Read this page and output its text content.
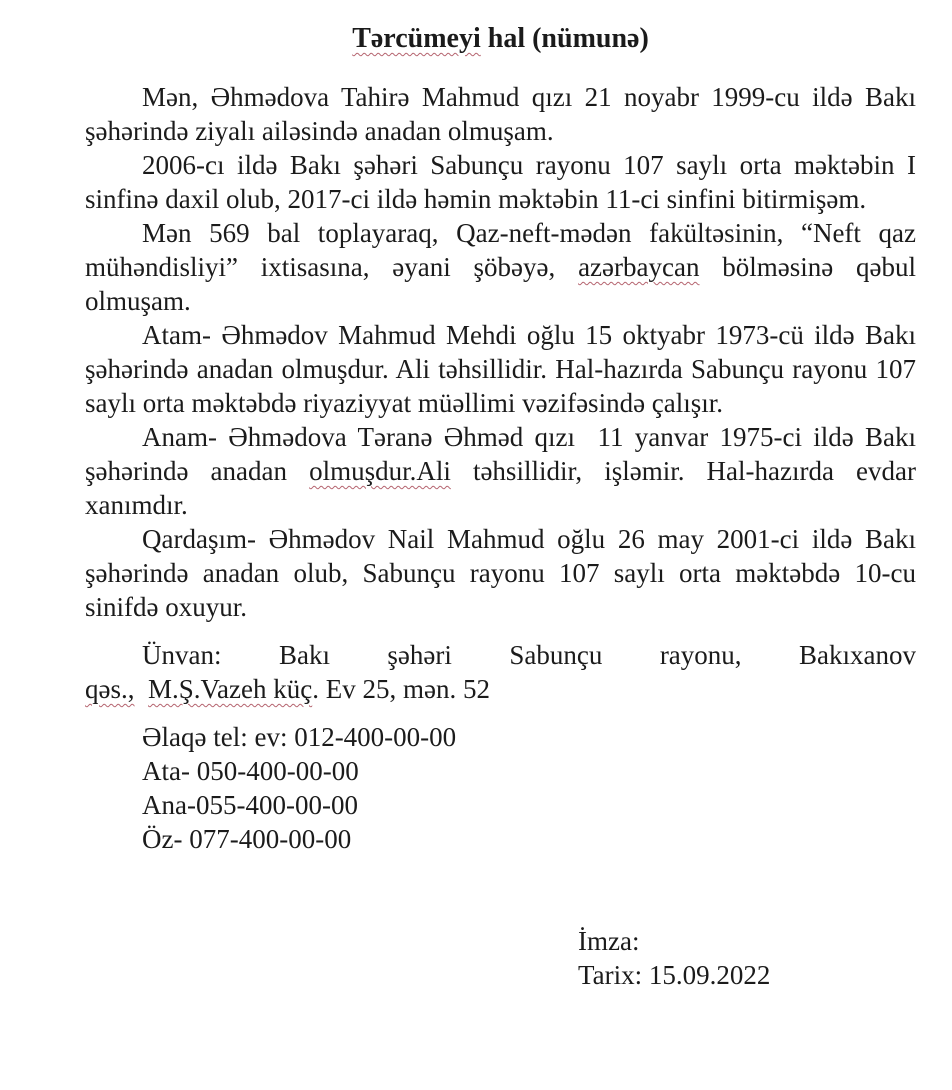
Tərcümeyi hal (nümunə)

Mən, Əhmədova Tahirə Mahmud qızı 21 noyabr 1999-cu ildə Bakı şəhərində ziyalı ailəsində anadan olmuşam.

2006-cı ildə Bakı şəhəri Sabunçu rayonu 107 saylı orta məktəbin I sinfinə daxil olub, 2017-ci ildə həmin məktəbin 11-ci sinfini bitirmişəm.

Mən 569 bal toplayaraq, Qaz-neft-mədən fakültəsinin, “Neft qaz mühəndisliyi” ixtisasına, əyani şöbəyə, azərbaycan bölməsinə qəbul olmuşam.

Atam- Əhmədov Mahmud Mehdi oğlu 15 oktyabr 1973-cü ildə Bakı şəhərində anadan olmuşdur. Ali təhsillidir. Hal-hazırda Sabunçu rayonu 107 saylı orta məktəbdə riyaziyyat müəllimi vəzifəsində çalışır.

Anam- Əhmədova Təranə Əhməd qızı  11 yanvar 1975-ci ildə Bakı şəhərində anadan olmuşdur.Ali təhsillidir, işləmir. Hal-hazırda evdar xanımdır.

Qardaşım- Əhmədov Nail Mahmud oğlu 26 may 2001-ci ildə Bakı şəhərində anadan olub, Sabunçu rayonu 107 saylı orta məktəbdə 10-cu sinifdə oxuyur.

Ünvan: Bakı şəhəri Sabunçu rayonu, Bakıxanov
qəs., M.Ş.Vazeh küç. Ev 25, mən. 52
Əlaqə tel: ev: 012-400-00-00
Ata- 050-400-00-00
Ana-055-400-00-00
Öz- 077-400-00-00
İmza:
Tarix: 15.09.2022
